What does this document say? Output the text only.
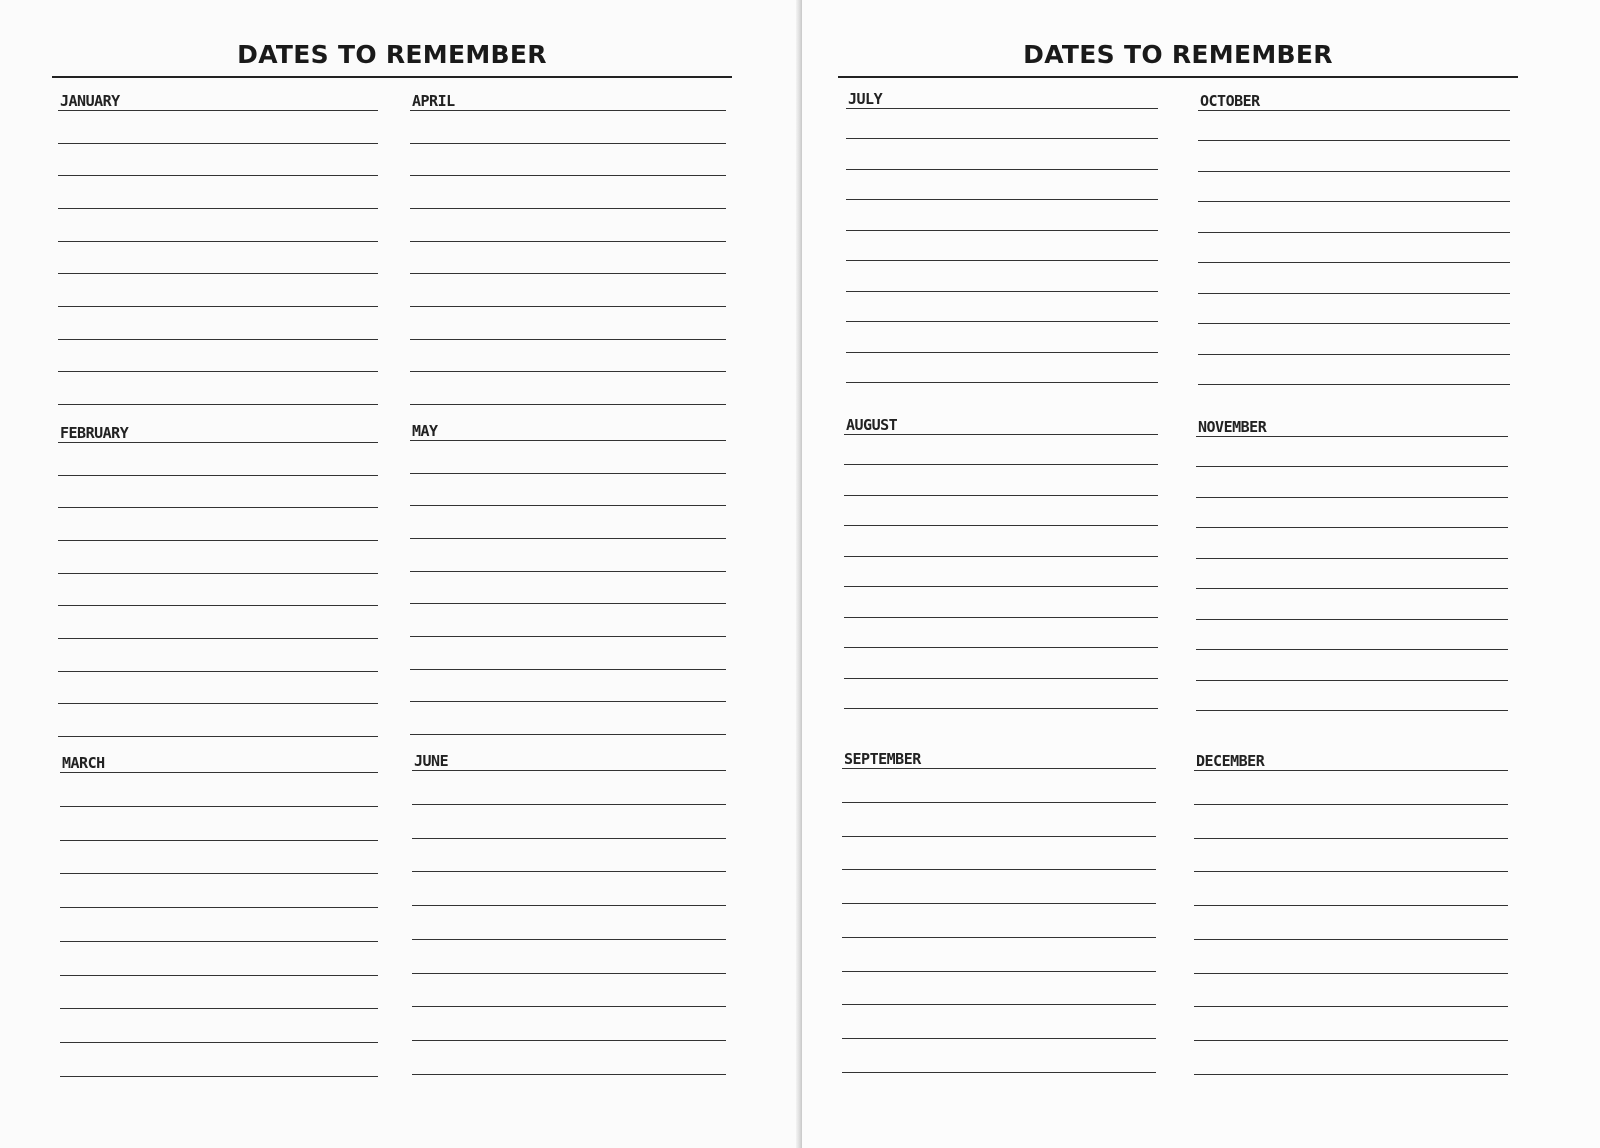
DATES TO REMEMBER
JANUARY	APRIL
FEBRUARY	MAY
MARCH	JUNE
DATES TO REMEMBER
JULY	OCTOBER
AUGUST	NOVEMBER
SEPTEMBER	DECEMBER
